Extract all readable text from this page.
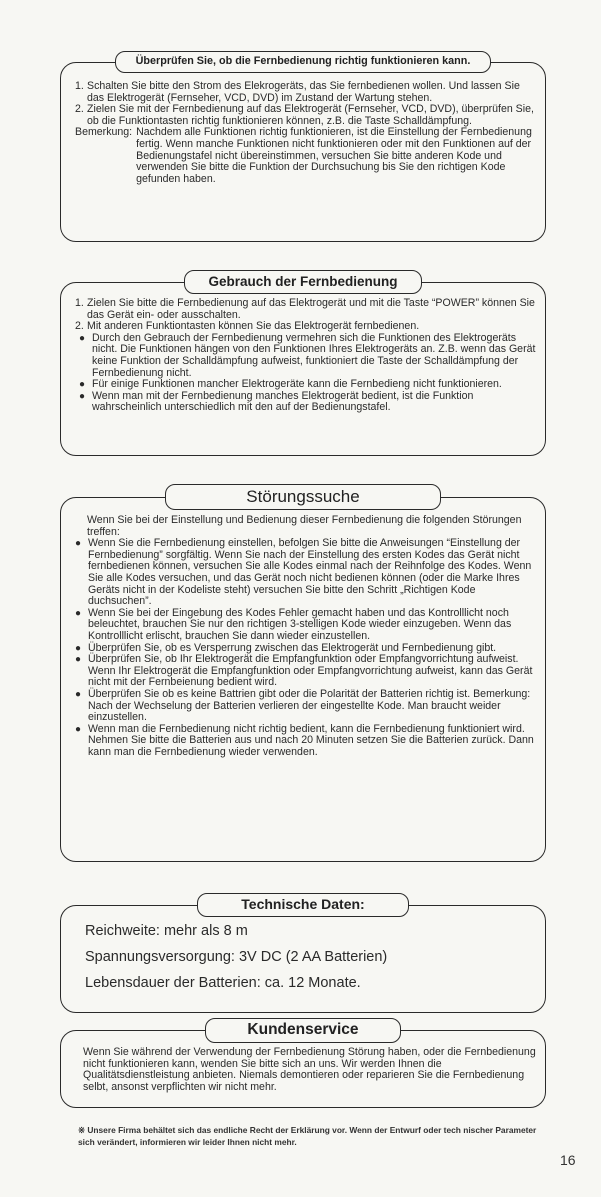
Überprüfen Sie, ob die Fernbedienung richtig funktionieren kann.
1. Schalten Sie bitte den Strom des Elekrogeräts, das Sie fernbedienen wollen. Und lassen Sie das Elektrogerät (Fernseher, VCD, DVD) im Zustand der Wartung stehen.

2. Zielen Sie mit der Fernbedienung auf das Elektrogerät (Fernseher, VCD, DVD), überprüfen Sie, ob die Funktiontasten richtig funktionieren können, z.B. die Taste Schalldämpfung.

Bemerkung: Nachdem alle Funktionen richtig funktionieren, ist die Einstellung der Fernbedienung fertig. Wenn manche Funktionen nicht funktionieren oder mit den Funktionen auf der Bedienungstafel nicht übereinstimmen, versuchen Sie bitte anderen Kode und verwenden Sie bitte die Funktion der Durchsuchung bis Sie den richtigen Kode gefunden haben.

Gebrauch der Fernbedienung
1. Zielen Sie bitte die Fernbedienung auf das Elektrogerät und mit die Taste “POWER” können Sie das Gerät ein- oder ausschalten.

2. Mit anderen Funktiontasten können Sie das Elektrogerät fernbedienen.

● Durch den Gebrauch der Fernbedienung vermehren sich die Funktionen des Elektrogeräts nicht. Die Funktionen hängen von den Funktionen Ihres Elektrogeräts an. Z.B. wenn das Gerät keine Funktion der Schalldämpfung aufweist, funktioniert die Taste der Schalldämpfung der Fernbedienung nicht.

● Für einige Funktionen mancher Elektrogeräte kann die Fernbedieng nicht funktionieren.

● Wenn man mit der Fernbedienung manches Elektrogerät bedient, ist die Funktion wahrscheinlich unterschiedlich mit den auf der Bedienungstafel.

Störungssuche

Wenn Sie bei der Einstellung und Bedienung dieser Fernbedienung die folgenden Störungen treffen:

● Wenn Sie die Fernbedienung einstellen, befolgen Sie bitte die Anweisungen “Einstellung der Fernbedienung” sorgfältig. Wenn Sie nach der Einstellung des ersten Kodes das Gerät nicht fernbedienen können, versuchen Sie alle Kodes einmal nach der Reihnfolge des Kodes. Wenn Sie alle Kodes versuchen, und das Gerät noch nicht bedienen können (oder die Marke Ihres Geräts nicht in der Kodeliste steht) versuchen Sie bitte den Schritt „Richtigen Kode duchsuchen”.

● Wenn Sie bei der Eingebung des Kodes Fehler gemacht haben und das Kontrolllicht noch beleuchtet, brauchen Sie nur den richtigen 3-stelligen Kode wieder einzugeben. Wenn das Kontrolllicht erlischt, brauchen Sie dann wieder einzustellen.

● Überprüfen Sie, ob es Versperrung zwischen das Elektrogerät und Fernbedienung gibt.

● Überprüfen Sie, ob Ihr Elektrogerät die Empfangfunktion oder Empfangvorrichtung aufweist. Wenn Ihr Elektrogerät die Empfangfunktion oder Empfangvorrichtung aufweist, kann das Gerät nicht mit der Fernbeienung bedient wird.

● Überprüfen Sie ob es keine Battrien gibt oder die Polarität der Batterien richtig ist. Bemerkung: Nach der Wechselung der Batterien verlieren der eingestellte Kode. Man braucht weider einzustellen.

● Wenn man die Fernbedienung nicht richtig bedient, kann die Fernbedienung funktioniert wird. Nehmen Sie bitte die Batterien aus und nach 20 Minuten setzen Sie die Batterien zurück. Dann kann man die Fernbedienung wieder verwenden.

Technische Daten:
Reichweite: mehr als 8 m
Spannungsversorgung: 3V DC (2 AA Batterien)
Lebensdauer der Batterien: ca. 12 Monate.
Kundenservice

Wenn Sie während der Verwendung der Fernbedienung Störung haben, oder die Fernbedienung nicht funktionieren kann, wenden Sie bitte sich an uns. Wir werden Ihnen die Qualitätsdienstleistung anbieten. Niemals demontieren oder reparieren Sie die Fernbedienung selbt, ansonst verpflichten wir nicht mehr.

※ Unsere Firma behältet sich das endliche Recht der Erklärung vor. Wenn der Entwurf oder tech nischer Parameter sich verändert, informieren wir leider Ihnen nicht mehr.
16
